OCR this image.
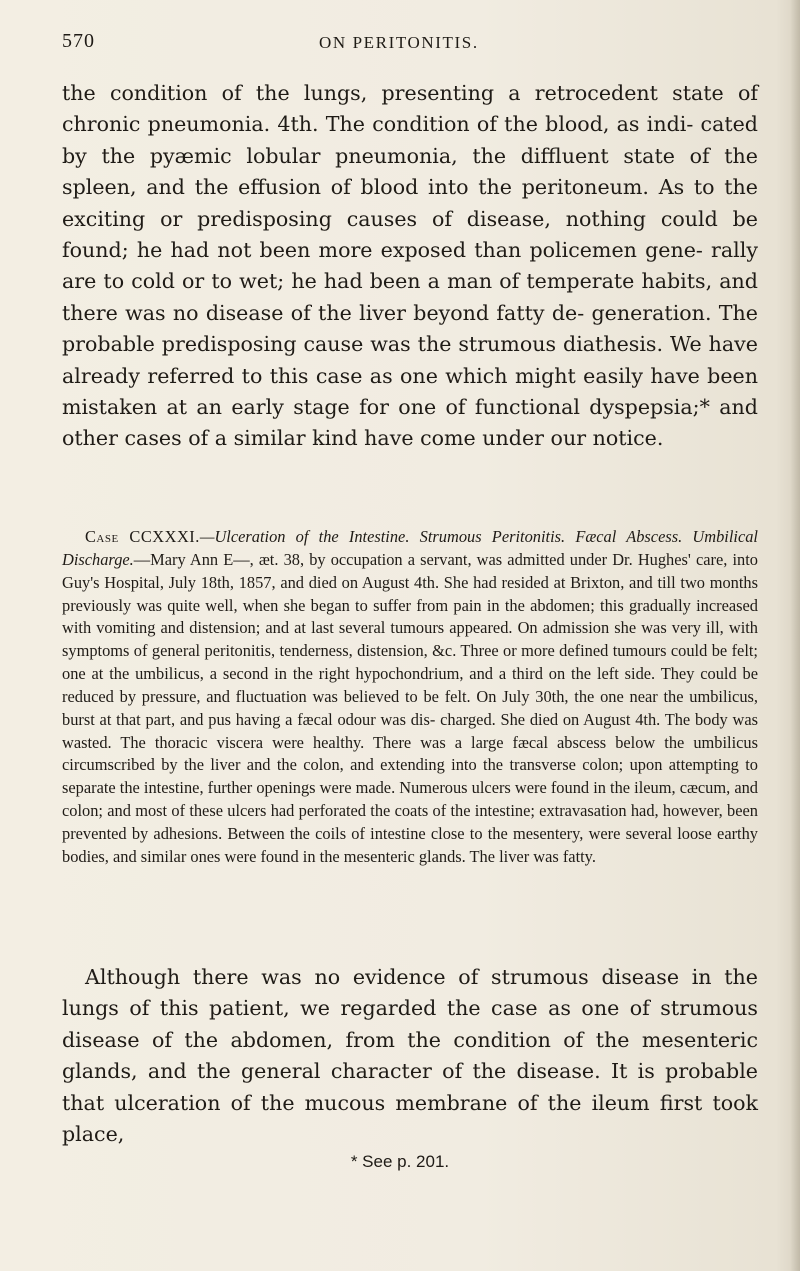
570	ON PERITONITIS.

the condition of the lungs, presenting a retrocedent state of chronic pneumonia. 4th. The condition of the blood, as indi- cated by the pyæmic lobular pneumonia, the diffluent state of the spleen, and the effusion of blood into the peritoneum. As to the exciting or predisposing causes of disease, nothing could be found; he had not been more exposed than policemen gene- rally are to cold or to wet; he had been a man of temperate habits, and there was no disease of the liver beyond fatty de- generation. The probable predisposing cause was the strumous diathesis. We have already referred to this case as one which might easily have been mistaken at an early stage for one of functional dyspepsia;* and other cases of a similar kind have come under our notice.

Case CCXXXI.—Ulceration of the Intestine. Strumous Peritonitis. Fæcal Abscess. Umbilical Discharge.—Mary Ann E—, æt. 38, by occupation a servant, was admitted under Dr. Hughes' care, into Guy's Hospital, July 18th, 1857, and died on August 4th. She had resided at Brixton, and till two months previously was quite well, when she began to suffer from pain in the abdomen; this gradually increased with vomiting and distension; and at last several tumours appeared. On admission she was very ill, with symptoms of general peritonitis, tenderness, distension, &c. Three or more defined tumours could be felt; one at the umbilicus, a second in the right hypochondrium, and a third on the left side. They could be reduced by pressure, and fluctuation was believed to be felt. On July 30th, the one near the umbilicus, burst at that part, and pus having a fæcal odour was dis- charged. She died on August 4th. The body was wasted. The thoracic viscera were healthy. There was a large fæcal abscess below the umbilicus circumscribed by the liver and the colon, and extending into the transverse colon; upon attempting to separate the intestine, further openings were made. Numerous ulcers were found in the ileum, cæcum, and colon; and most of these ulcers had perforated the coats of the intestine; extravasation had, however, been prevented by adhesions. Between the coils of intestine close to the mesentery, were several loose earthy bodies, and similar ones were found in the mesenteric glands. The liver was fatty.

Although there was no evidence of strumous disease in the lungs of this patient, we regarded the case as one of strumous disease of the abdomen, from the condition of the mesenteric glands, and the general character of the disease. It is probable that ulceration of the mucous membrane of the ileum first took place,

* See p. 201.
